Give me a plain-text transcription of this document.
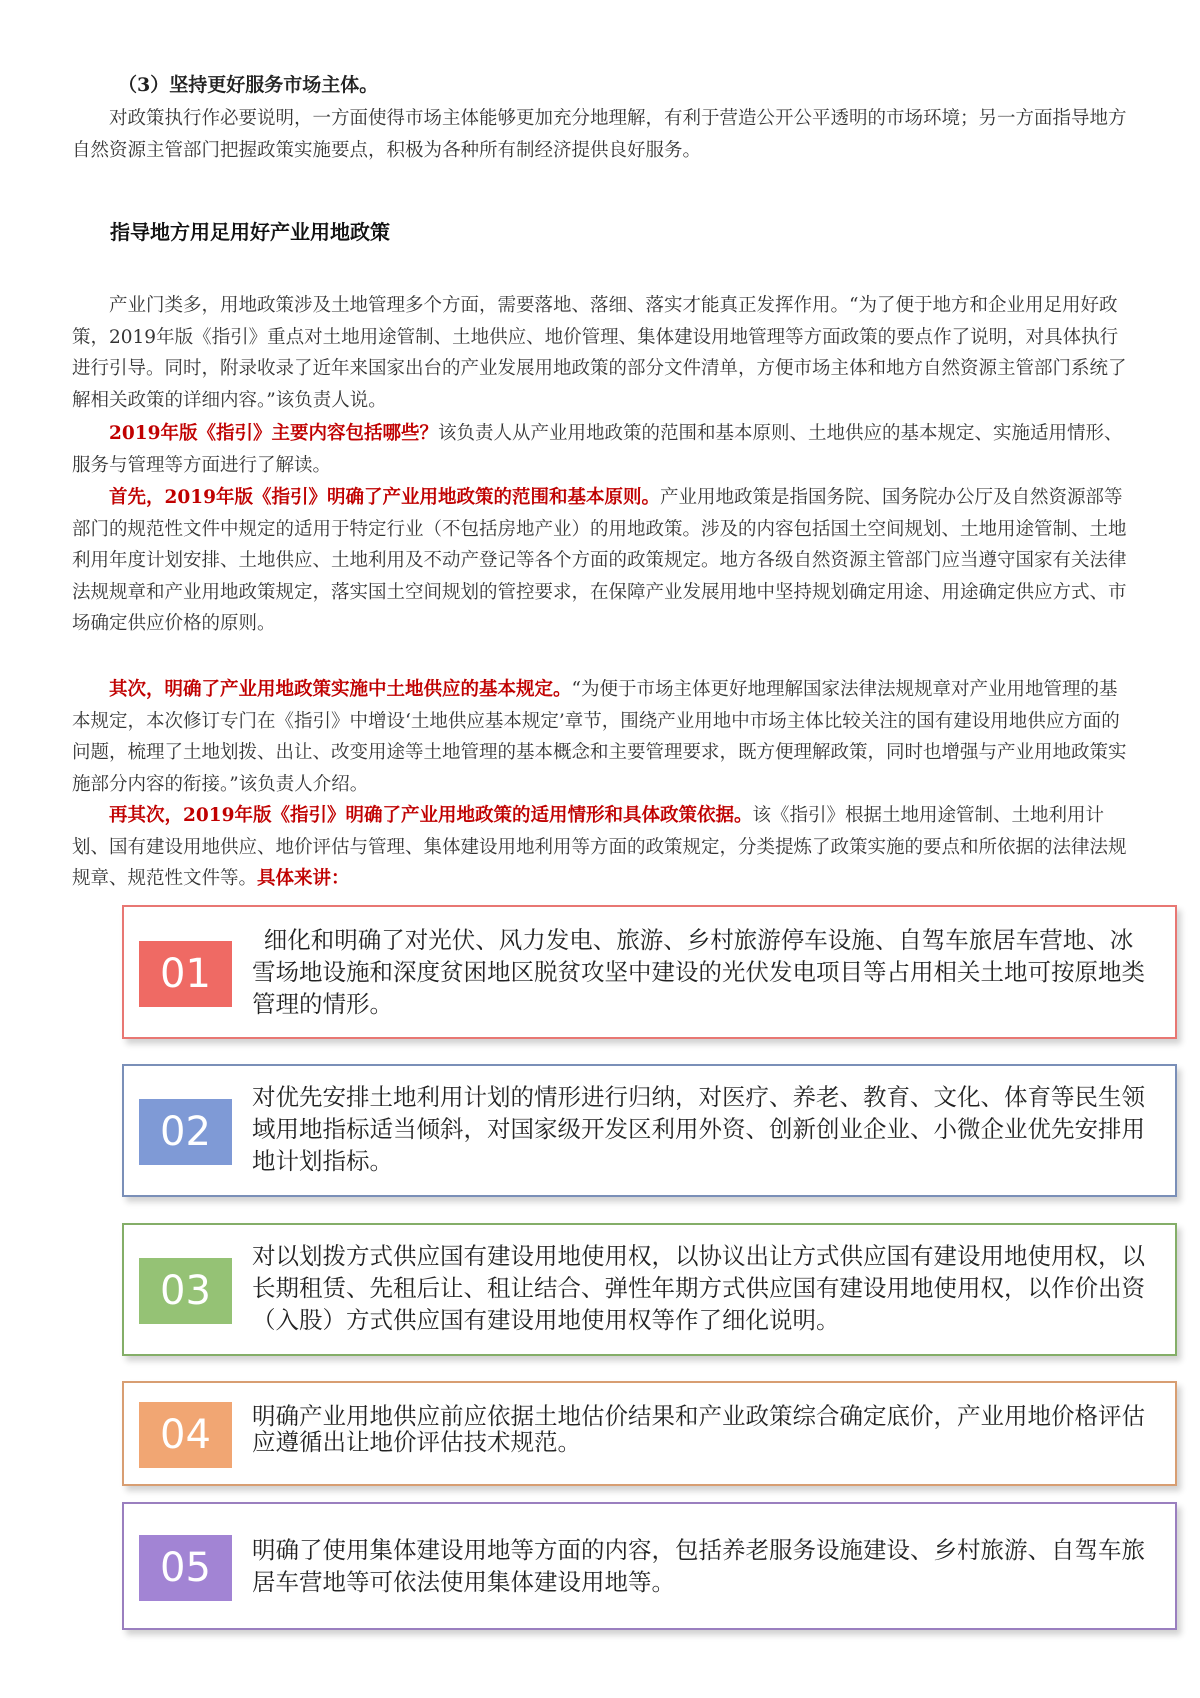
（3）坚持更好服务市场主体。
对政策执行作必要说明，一方面使得市场主体能够更加充分地理解，有利于营造公开公平透明的市场环境；另一方面指导地方自然资源主管部门把握政策实施要点，积极为各种所有制经济提供良好服务。
指导地方用足用好产业用地政策
产业门类多，用地政策涉及土地管理多个方面，需要落地、落细、落实才能真正发挥作用。“为了便于地方和企业用足用好政策，2019年版《指引》重点对土地用途管制、土地供应、地价管理、集体建设用地管理等方面政策的要点作了说明，对具体执行进行引导。同时，附录收录了近年来国家出台的产业发展用地政策的部分文件清单，方便市场主体和地方自然资源主管部门系统了解相关政策的详细内容。”该负责人说。
2019年版《指引》主要内容包括哪些？该负责人从产业用地政策的范围和基本原则、土地供应的基本规定、实施适用情形、服务与管理等方面进行了解读。
首先，2019年版《指引》明确了产业用地政策的范围和基本原则。产业用地政策是指国务院、国务院办公厅及自然资源部等部门的规范性文件中规定的适用于特定行业（不包括房地产业）的用地政策。涉及的内容包括国土空间规划、土地用途管制、土地利用年度计划安排、土地供应、土地利用及不动产登记等各个方面的政策规定。地方各级自然资源主管部门应当遵守国家有关法律法规规章和产业用地政策规定，落实国土空间规划的管控要求，在保障产业发展用地中坚持规划确定用途、用途确定供应方式、市场确定供应价格的原则。
其次，明确了产业用地政策实施中土地供应的基本规定。“为便于市场主体更好地理解国家法律法规规章对产业用地管理的基本规定，本次修订专门在《指引》中增设‘土地供应基本规定’章节，围绕产业用地中市场主体比较关注的国有建设用地供应方面的问题，梳理了土地划拨、出让、改变用途等土地管理的基本概念和主要管理要求，既方便理解政策，同时也增强与产业用地政策实施部分内容的衔接。”该负责人介绍。
再其次，2019年版《指引》明确了产业用地政策的适用情形和具体政策依据。该《指引》根据土地用途管制、土地利用计划、国有建设用地供应、地价评估与管理、集体建设用地利用等方面的政策规定，分类提炼了政策实施的要点和所依据的法律法规规章、规范性文件等。具体来讲：
01
细化和明确了对光伏、风力发电、旅游、乡村旅游停车设施、自驾车旅居车营地、冰雪场地设施和深度贫困地区脱贫攻坚中建设的光伏发电项目等占用相关土地可按原地类管理的情形。
02
对优先安排土地利用计划的情形进行归纳，对医疗、养老、教育、文化、体育等民生领域用地指标适当倾斜，对国家级开发区利用外资、创新创业企业、小微企业优先安排用地计划指标。
03
对以划拨方式供应国有建设用地使用权，以协议出让方式供应国有建设用地使用权，以长期租赁、先租后让、租让结合、弹性年期方式供应国有建设用地使用权，以作价出资（入股）方式供应国有建设用地使用权等作了细化说明。
04	明确产业用地供应前应依据土地估价结果和产业政策综合确定底价，产业用地价格评估应遵循出让地价评估技术规范。
05	明确了使用集体建设用地等方面的内容，包括养老服务设施建设、乡村旅游、自驾车旅居车营地等可依法使用集体建设用地等。
